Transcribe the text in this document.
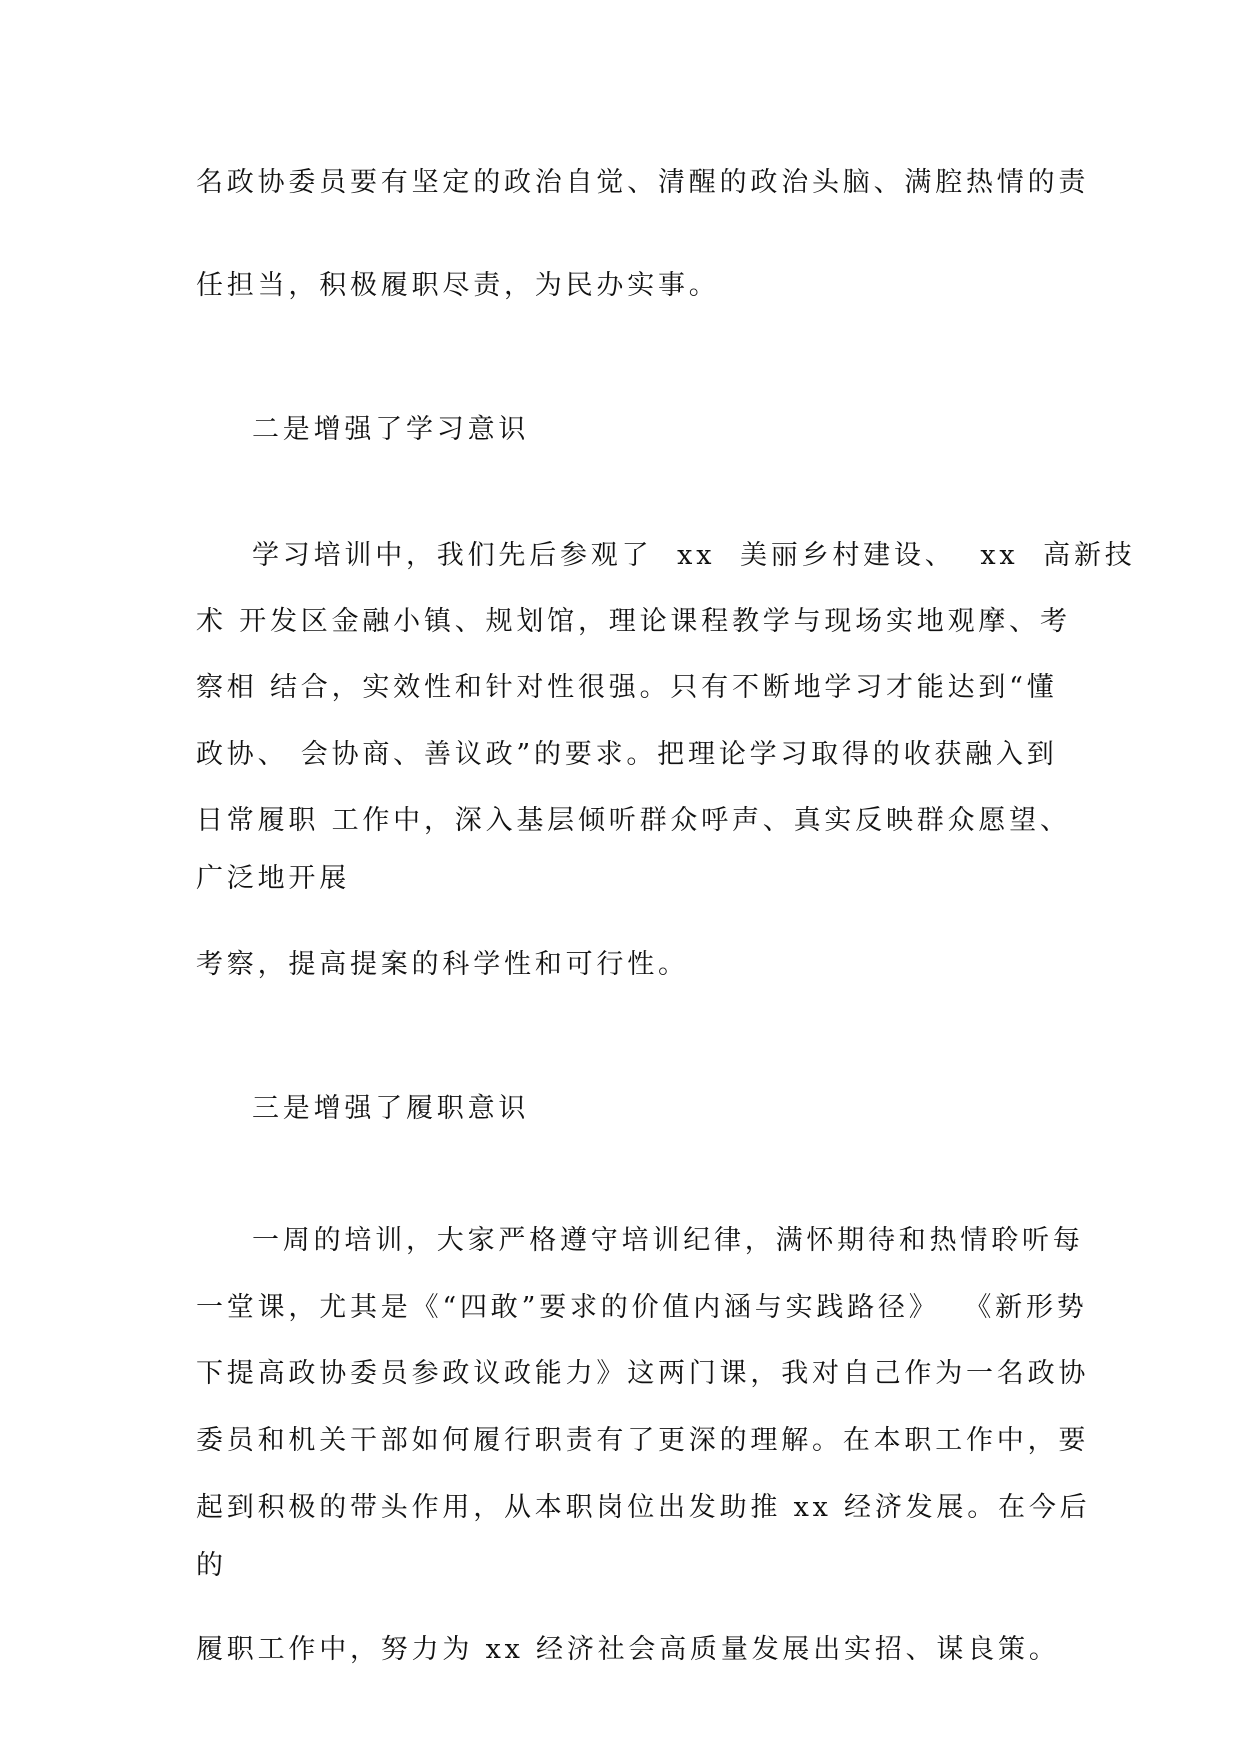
名政协委员要有坚定的政治自觉、清醒的政治头脑、满腔热情的责

任担当，积极履职尽责，为民办实事。

二是增强了学习意识

学习培训中，我们先后参观了  xx  美丽乡村建设、  xx  高新技

术 开发区金融小镇、规划馆，理论课程教学与现场实地观摩、考

察相 结合，实效性和针对性很强。只有不断地学习才能达到“懂

政协、 会协商、善议政”的要求。把理论学习取得的收获融入到

日常履职 工作中，深入基层倾听群众呼声、真实反映群众愿望、

广泛地开展

考察，提高提案的科学性和可行性。

三是增强了履职意识

一周的培训，大家严格遵守培训纪律，满怀期待和热情聆听每

一堂课，尤其是《“四敢”要求的价值内涵与实践路径》  《新形势

下提高政协委员参政议政能力》这两门课，我对自己作为一名政协

委员和机关干部如何履行职责有了更深的理解。在本职工作中，要

起到积极的带头作用，从本职岗位出发助推 xx 经济发展。在今后

的

履职工作中，努力为 xx 经济社会高质量发展出实招、谋良策。
